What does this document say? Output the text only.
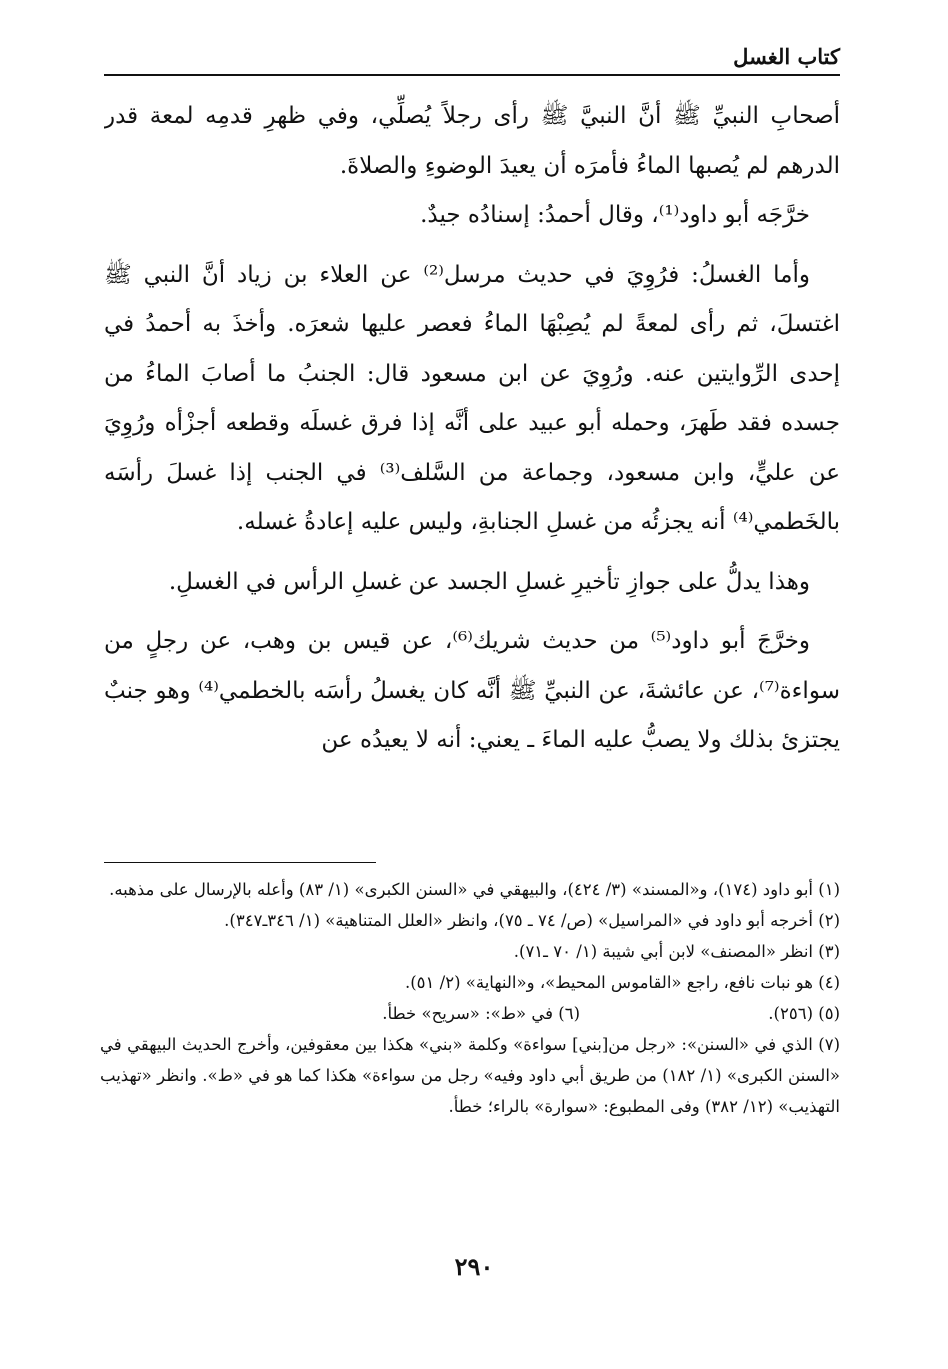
كتاب الغسل

أصحابِ النبيِّ ﷺ أنَّ النبيَّ ﷺ رأى رجلاً يُصلِّي، وفي ظهرِ قدمِه لمعة قدر الدرهم لم يُصبها الماءُ فأمرَه أن يعيدَ الوضوءِ والصلاةَ.

خرَّجَه أبو داود⁽¹⁾، وقال أحمدُ: إسنادُه جيدٌ.

وأما الغسلُ: فرُوِيَ في حديث مرسل⁽²⁾ عن العلاء بن زياد أنَّ النبي ﷺ اغتسلَ، ثم رأى لمعةً لم يُصِبْهَا الماءُ فعصر عليها شعرَه. وأخذَ به أحمدُ في إحدى الرِّوايتين عنه. ورُوِيَ عن ابن مسعود قال: الجنبُ ما أصابَ الماءُ من جسده فقد طَهرَ، وحمله أبو عبيد على أنَّه إذا فرق غسلَه وقطعه أجزْأه ورُوِيَ عن عليٍّ، وابن مسعود، وجماعة من السَّلف⁽³⁾ في الجنب إذا غسلَ رأسَه بالخَطمي⁽⁴⁾ أنه يجزئُه من غسلِ الجنابةِ، وليس عليه إعادةُ غسله.

وهذا يدلُّ على جوازِ تأخيرِ غسلِ الجسد عن غسلِ الرأس في الغسلِ.

وخرَّجَ أبو داود⁽⁵⁾ من حديث شريك⁽⁶⁾، عن قيس بن وهب، عن رجلٍ من سواءة⁽⁷⁾، عن عائشةَ، عن النبيِّ ﷺ أنَّه كان يغسلُ رأسَه بالخطمي⁽⁴⁾ وهو جنبٌ يجتزئ بذلك ولا يصبُّ عليه الماءَ ـ يعني: أنه لا يعيدُه عن

(١) أبو داود (١٧٤)، و«المسند» (٣/ ٤٢٤)، والبيهقي في «السنن الكبرى» (١/ ٨٣) وأعله بالإرسال على مذهبه.

(٢) أخرجه أبو داود في «المراسيل» (ص/ ٧٤ ـ ٧٥)، وانظر «العلل المتناهية» (١/ ٣٤٦ـ٣٤٧).

(٣) انظر «المصنف» لابن أبي شيبة (١/ ٧٠ ـ٧١).

(٤) هو نبات نافع، راجع «القاموس المحيط»، و«النهاية» (٢/ ٥١).

(٥) (٢٥٦).
(٦) في «ط»: «سريح» خطأ.

(٧) الذي في «السنن»: «رجل من[بني] سواءة» وكلمة «بني» هكذا بين معقوفين، وأخرج الحديث البيهقي في «السنن الكبرى» (١/ ١٨٢) من طريق أبي داود وفيه» رجل من سواءة» هكذا كما هو في «ط». وانظر «تهذيب التهذيب» (١٢/ ٣٨٢) وفى المطبوع: «سوارة» بالراء؛ خطأ.

٢٩٠
